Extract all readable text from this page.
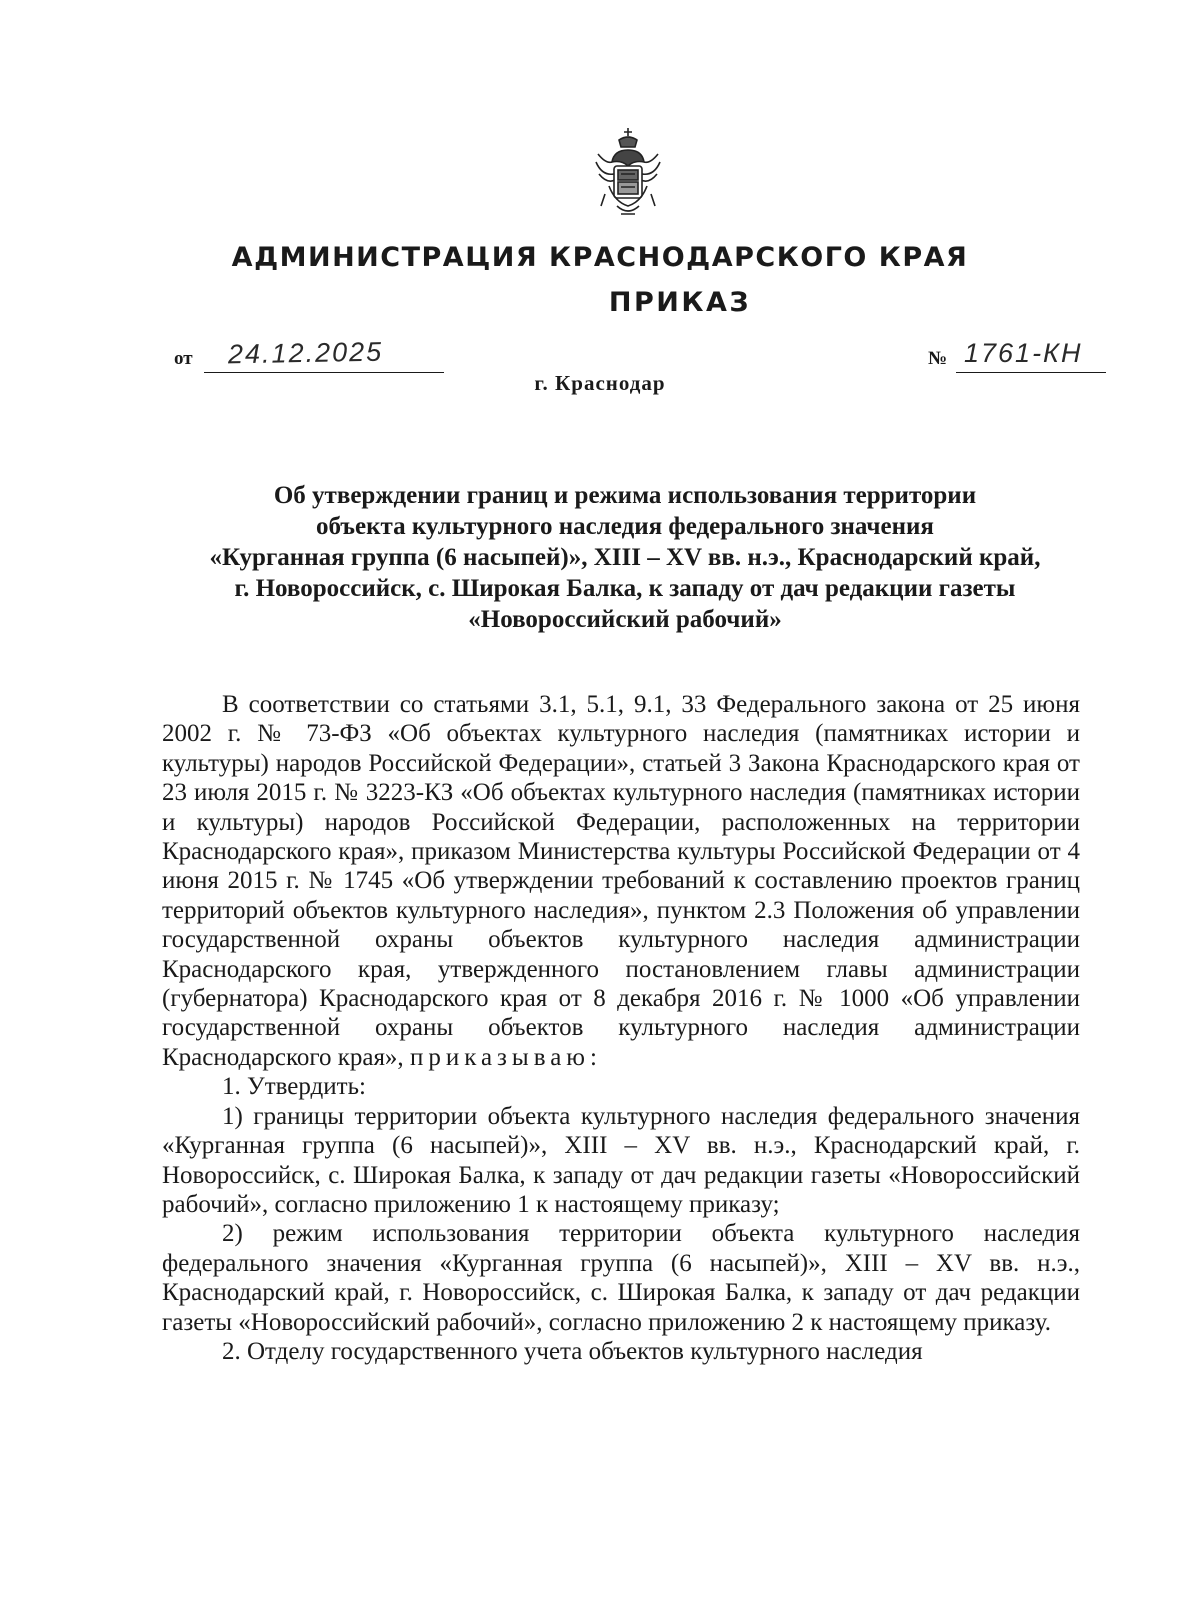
АДМИНИСТРАЦИЯ КРАСНОДАРСКОГО КРАЯ
ПРИКАЗ
от 24.12.2025	№ 1761-КН

г. Краснодар

Об утверждении границ и режима использования территории
объекта культурного наследия федерального значения
«Курганная группа (6 насыпей)», XIII – XV вв. н.э., Краснодарский край,
г. Новороссийск, с. Широкая Балка, к западу от дач редакции газеты
«Новороссийский рабочий»

В соответствии со статьями 3.1, 5.1, 9.1, 33 Федерального закона от 25 июня 2002 г. № 73-ФЗ «Об объектах культурного наследия (памятниках истории и культуры) народов Российской Федерации», статьей 3 Закона Краснодарского края от 23 июля 2015 г. № 3223-КЗ «Об объектах культурного наследия (памятниках истории и культуры) народов Российской Федерации, расположенных на территории Краснодарского края», приказом Министерства культуры Российской Федерации от 4 июня 2015 г. № 1745 «Об утверждении требований к составлению проектов границ территорий объектов культурного наследия», пунктом 2.3 Положения об управлении государственной охраны объектов культурного наследия администрации Краснодарского края, утвержденного постановлением главы администрации (губернатора) Краснодарского края от 8 декабря 2016 г. № 1000 «Об управлении государственной охраны объектов культурного наследия администрации Краснодарского края», приказываю:

1. Утвердить:

1) границы территории объекта культурного наследия федерального значения «Курганная группа (6 насыпей)», XIII – XV вв. н.э., Краснодарский край, г. Новороссийск, с. Широкая Балка, к западу от дач редакции газеты «Новороссийский рабочий», согласно приложению 1 к настоящему приказу;

2) режим использования территории объекта культурного наследия федерального значения «Курганная группа (6 насыпей)», XIII – XV вв. н.э., Краснодарский край, г. Новороссийск, с. Широкая Балка, к западу от дач редакции газеты «Новороссийский рабочий», согласно приложению 2 к настоящему приказу.

2. Отделу государственного учета объектов культурного наследия
